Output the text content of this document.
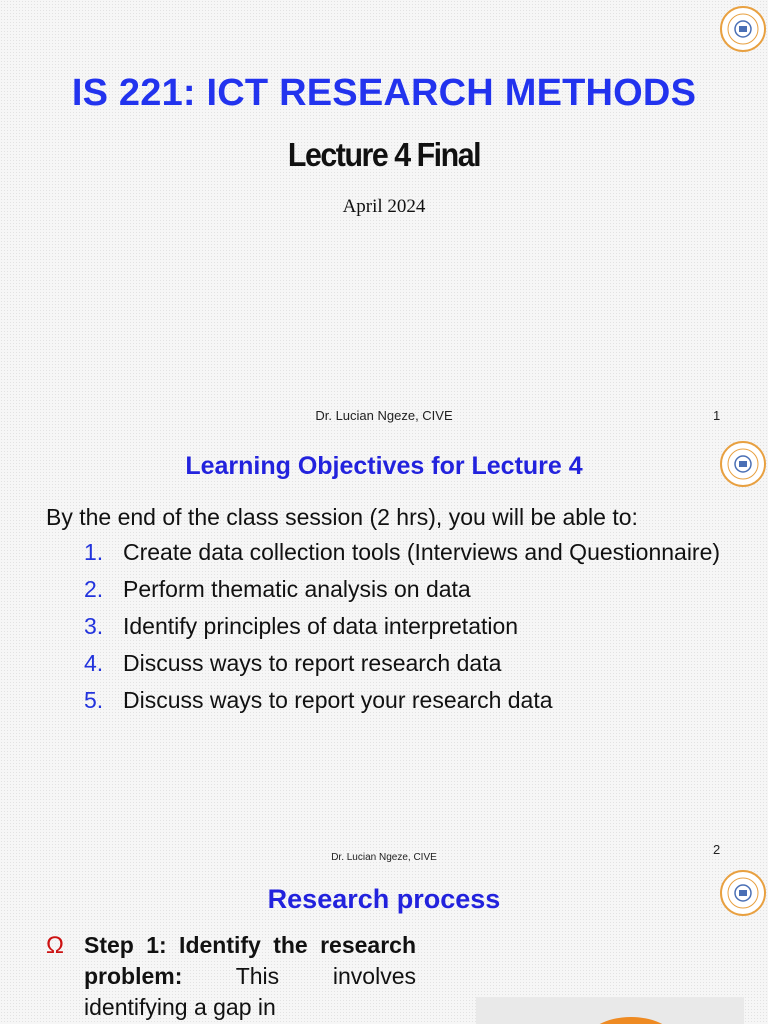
IS 221: ICT RESEARCH METHODS
Lecture 4 Final
April 2024
Dr. Lucian Ngeze, CIVE	1
Learning Objectives for Lecture 4

By the end of the class session (2 hrs), you will be able to:

1. Create data collection tools (Interviews and Questionnaire)
2. Perform thematic analysis on data
3. Identify principles of data interpretation
4. Discuss ways to report research data
5. Discuss ways to report your research data
Dr. Lucian Ngeze, CIVE
2
Research process
Ω Step 1: Identify the research problem: This involves identifying a gap in
